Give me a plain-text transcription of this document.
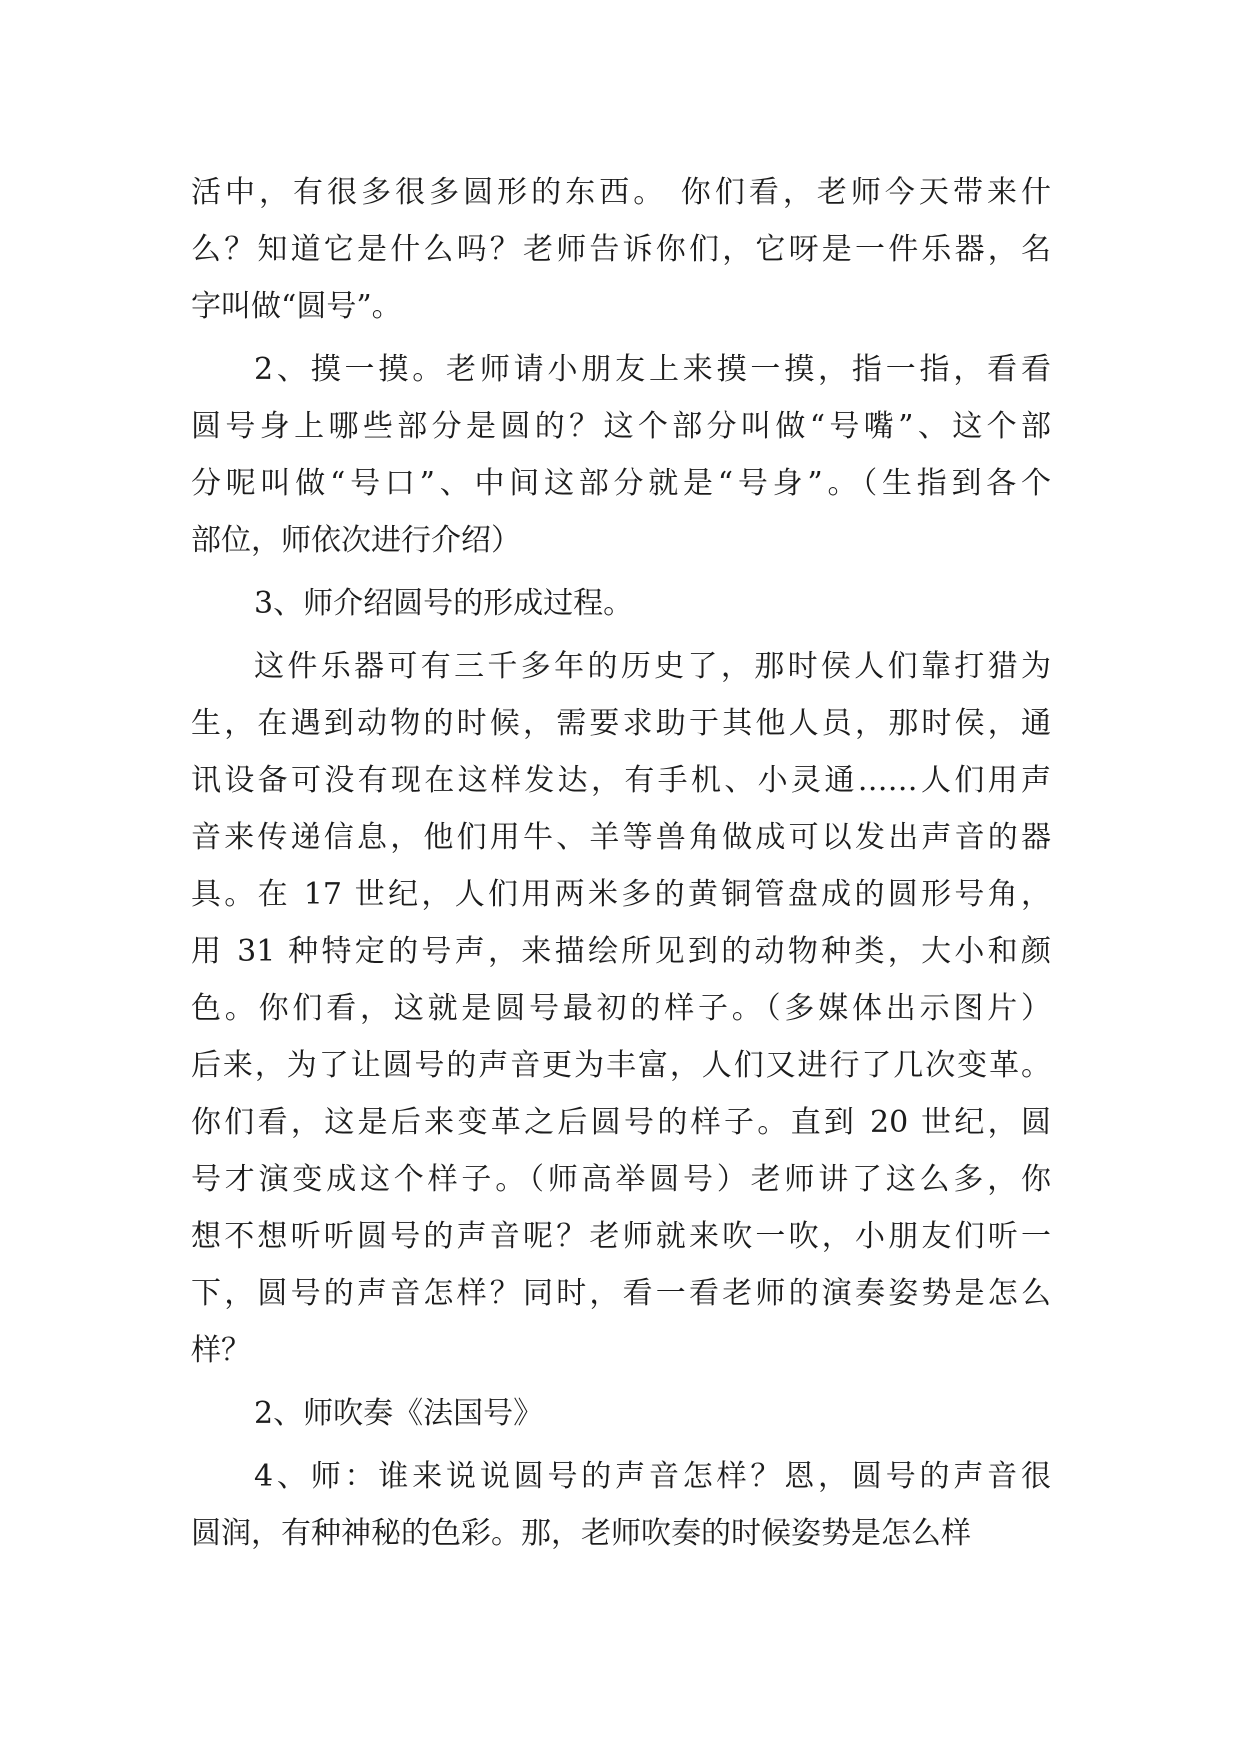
活中，有很多很多圆形的东西。 你们看，老师今天带来什
么？知道它是什么吗？老师告诉你们，它呀是一件乐器，名
字叫做“圆号”。
2、摸一摸。老师请小朋友上来摸一摸，指一指，看看
圆号身上哪些部分是圆的？这个部分叫做“号嘴”、这个部
分呢叫做“号口”、中间这部分就是“号身”。（生指到各个
部位，师依次进行介绍）
3、师介绍圆号的形成过程。
这件乐器可有三千多年的历史了，那时侯人们靠打猎为
生，在遇到动物的时候，需要求助于其他人员，那时侯，通
讯设备可没有现在这样发达，有手机、小灵通……人们用声
音来传递信息，他们用牛、羊等兽角做成可以发出声音的器
具。在 17 世纪，人们用两米多的黄铜管盘成的圆形号角，
用 31 种特定的号声，来描绘所见到的动物种类，大小和颜
色。你们看，这就是圆号最初的样子。（多媒体出示图片）
后来，为了让圆号的声音更为丰富，人们又进行了几次变革。
你们看，这是后来变革之后圆号的样子。直到 20 世纪，圆
号才演变成这个样子。（师高举圆号）老师讲了这么多，你
想不想听听圆号的声音呢？老师就来吹一吹，小朋友们听一
下，圆号的声音怎样？同时，看一看老师的演奏姿势是怎么
样？
2、师吹奏《法国号》
4、师：谁来说说圆号的声音怎样？恩，圆号的声音很
圆润，有种神秘的色彩。那，老师吹奏的时候姿势是怎么样
